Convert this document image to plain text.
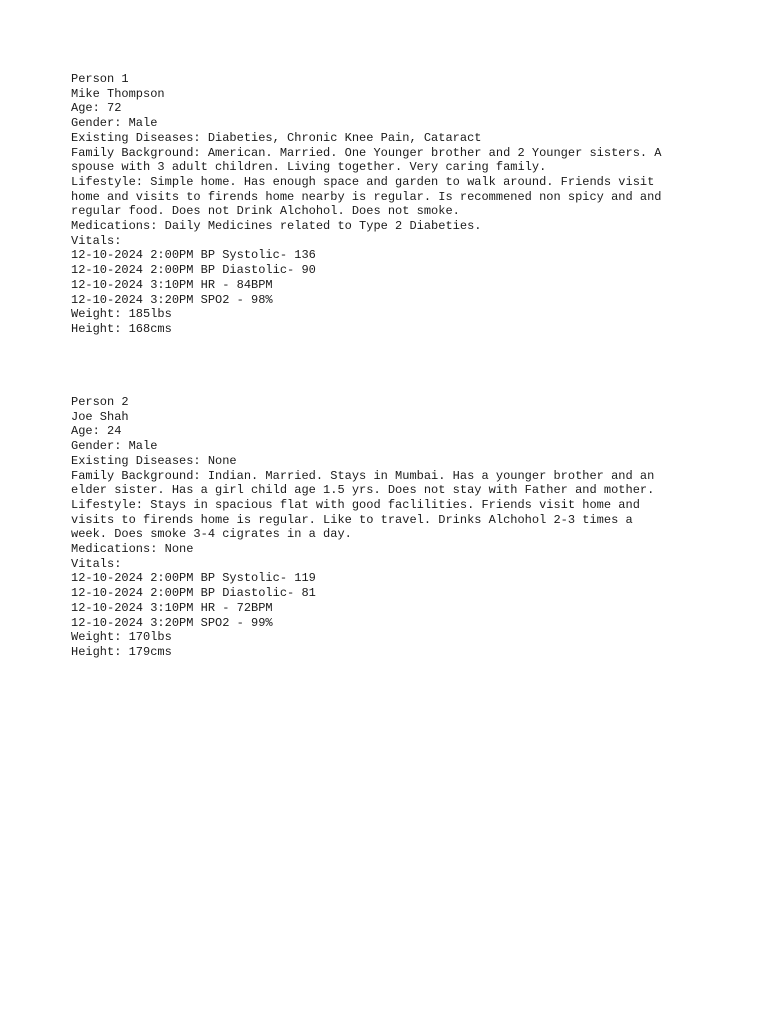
Person 1
Mike Thompson
Age: 72
Gender: Male
Existing Diseases: Diabeties, Chronic Knee Pain, Cataract
Family Background: American. Married. One Younger brother and 2 Younger sisters. A
spouse with 3 adult children. Living together. Very caring family.
Lifestyle: Simple home. Has enough space and garden to walk around. Friends visit
home and visits to firends home nearby is regular. Is recommened non spicy and and
regular food. Does not Drink Alchohol. Does not smoke.
Medications: Daily Medicines related to Type 2 Diabeties.
Vitals:
12-10-2024 2:00PM BP Systolic- 136
12-10-2024 2:00PM BP Diastolic- 90
12-10-2024 3:10PM HR - 84BPM
12-10-2024 3:20PM SPO2 - 98%
Weight: 185lbs
Height: 168cms
Person 2
Joe Shah
Age: 24
Gender: Male
Existing Diseases: None
Family Background: Indian. Married. Stays in Mumbai. Has a younger brother and an
elder sister. Has a girl child age 1.5 yrs. Does not stay with Father and mother.
Lifestyle: Stays in spacious flat with good faclilities. Friends visit home and
visits to firends home is regular. Like to travel. Drinks Alchohol 2-3 times a
week. Does smoke 3-4 cigrates in a day.
Medications: None
Vitals:
12-10-2024 2:00PM BP Systolic- 119
12-10-2024 2:00PM BP Diastolic- 81
12-10-2024 3:10PM HR - 72BPM
12-10-2024 3:20PM SPO2 - 99%
Weight: 170lbs
Height: 179cms
